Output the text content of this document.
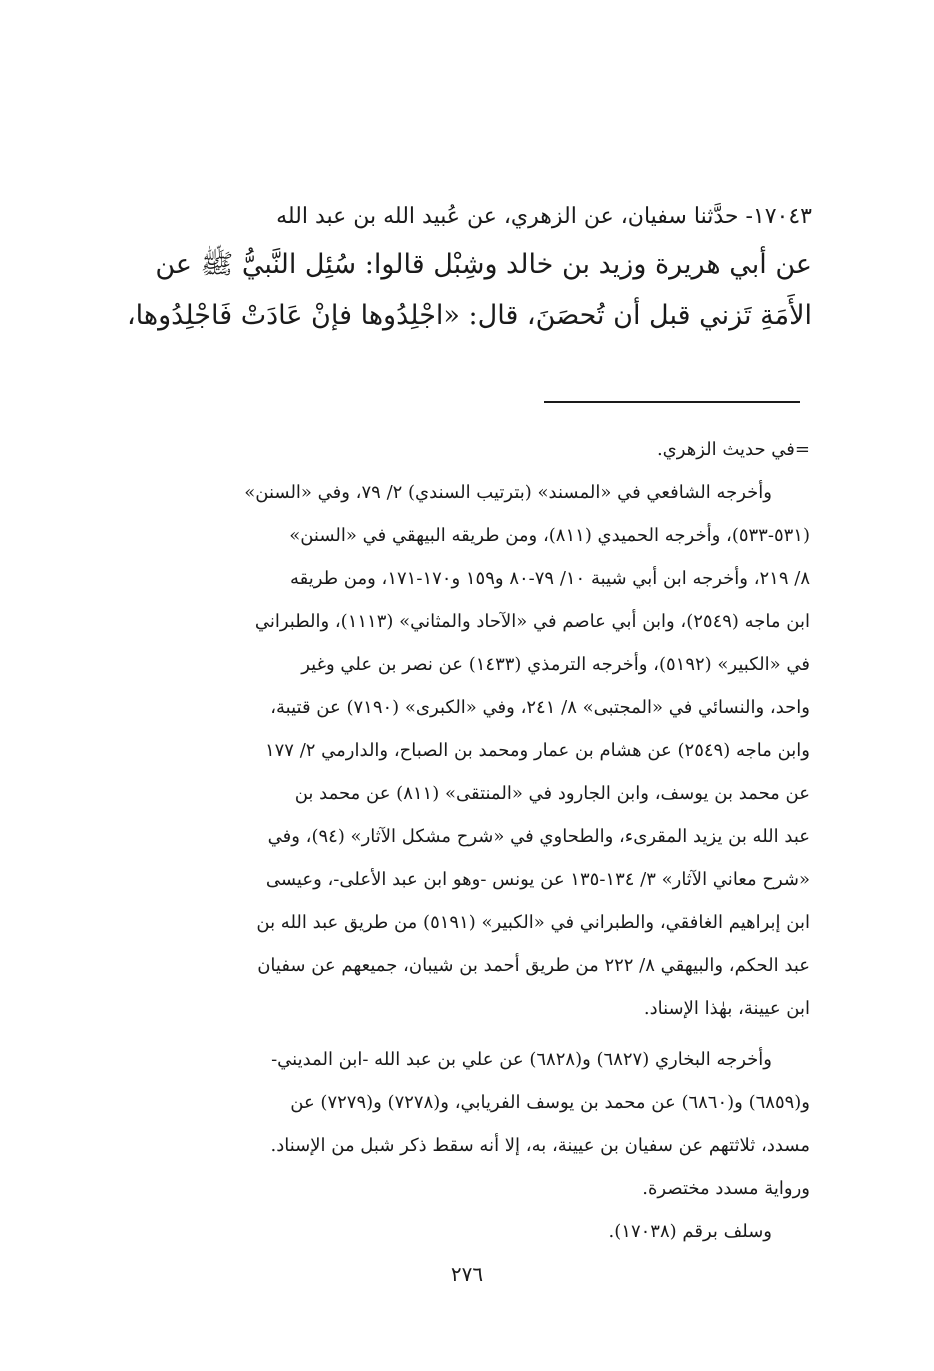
١٧٠٤٣- حدَّثنا سفيان، عن الزهري، عن عُبيد الله بن عبد الله
عن أبي هريرة وزيد بن خالد وشِبْل قالوا: سُئِل النَّبيُّ ﷺ عن
الأَمَةِ تَزني قبل أن تُحصَنَ، قال: «اجْلِدُوها فإنْ عَادَتْ فَاجْلِدُوها،
=في حديث الزهري.
وأخرجه الشافعي في «المسند» (بترتيب السندي) ٢/ ٧٩، وفي «السنن»
(٥٣١-٥٣٣)، وأخرجه الحميدي (٨١١)، ومن طريقه البيهقي في «السنن»
٨/ ٢١٩، وأخرجه ابن أبي شيبة ١٠/ ٧٩-٨٠ و١٥٩ و١٧٠-١٧١، ومن طريقه
ابن ماجه (٢٥٤٩)، وابن أبي عاصم في «الآحاد والمثاني» (١١١٣)، والطبراني
في «الكبير» (٥١٩٢)، وأخرجه الترمذي (١٤٣٣) عن نصر بن علي وغير
واحد، والنسائي في «المجتبى» ٨/ ٢٤١، وفي «الكبرى» (٧١٩٠) عن قتيبة،
وابن ماجه (٢٥٤٩) عن هشام بن عمار ومحمد بن الصباح، والدارمي ٢/ ١٧٧
عن محمد بن يوسف، وابن الجارود في «المنتقى» (٨١١) عن محمد بن
عبد الله بن يزيد المقرىء، والطحاوي في «شرح مشكل الآثار» (٩٤)، وفي
«شرح معاني الآثار» ٣/ ١٣٤-١٣٥ عن يونس -وهو ابن عبد الأعلى-، وعيسى
ابن إبراهيم الغافقي، والطبراني في «الكبير» (٥١٩١) من طريق عبد الله بن
عبد الحكم، والبيهقي ٨/ ٢٢٢ من طريق أحمد بن شيبان، جميعهم عن سفيان
ابن عيينة، بهٰذا الإسناد.
وأخرجه البخاري (٦٨٢٧) و(٦٨٢٨) عن علي بن عبد الله -ابن المديني-
و(٦٨٥٩) و(٦٨٦٠) عن محمد بن يوسف الفريابي، و(٧٢٧٨) و(٧٢٧٩) عن
مسدد، ثلاثتهم عن سفيان بن عيينة، به، إلا أنه سقط ذكر شبل من الإسناد.
ورواية مسدد مختصرة.
وسلف برقم (١٧٠٣٨).
٢٧٦
